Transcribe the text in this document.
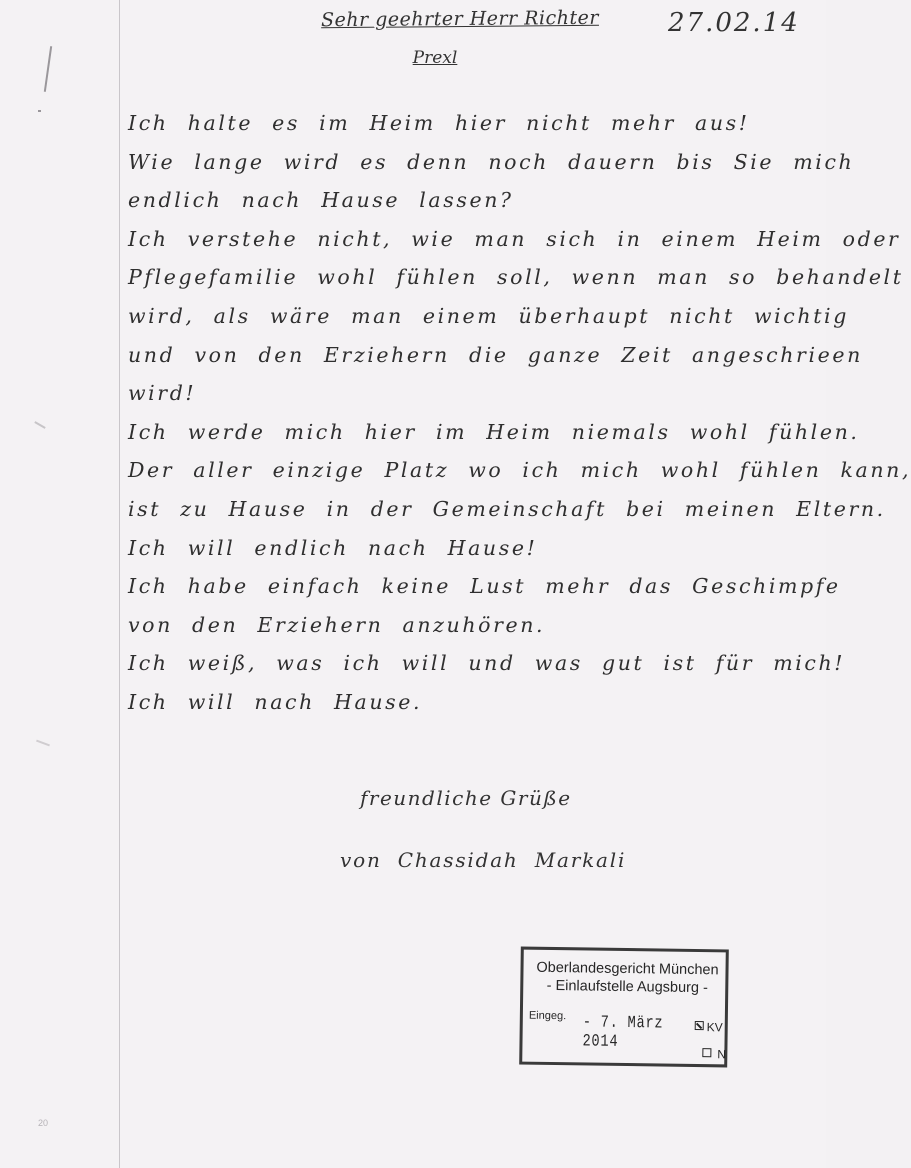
Sehr geehrter Herr Richter	27.02.14
Prexl
Ich halte es im Heim hier nicht mehr aus!
Wie lange wird es denn noch dauern bis Sie mich
endlich nach Hause lassen?
Ich verstehe nicht, wie man sich in einem Heim oder
Pflegefamilie wohl fühlen soll, wenn man so behandelt
wird, als wäre man einem überhaupt nicht wichtig
und von den Erziehern die ganze Zeit angeschrieen
wird!
Ich werde mich hier im Heim niemals wohl fühlen.
Der aller einzige Platz wo ich mich wohl fühlen kann,
ist zu Hause in der Gemeinschaft bei meinen Eltern.
Ich will endlich nach Hause!
Ich habe einfach keine Lust mehr das Geschimpfe
von den Erziehern anzuhören.
Ich weiß, was ich will und was gut ist für mich!
Ich will nach Hause.
freundliche Grüße
von Chassidah Markali
Oberlandesgericht München
- Einlaufstelle Augsburg -
Eingeg. - 7. März 2014
KV
N
20
